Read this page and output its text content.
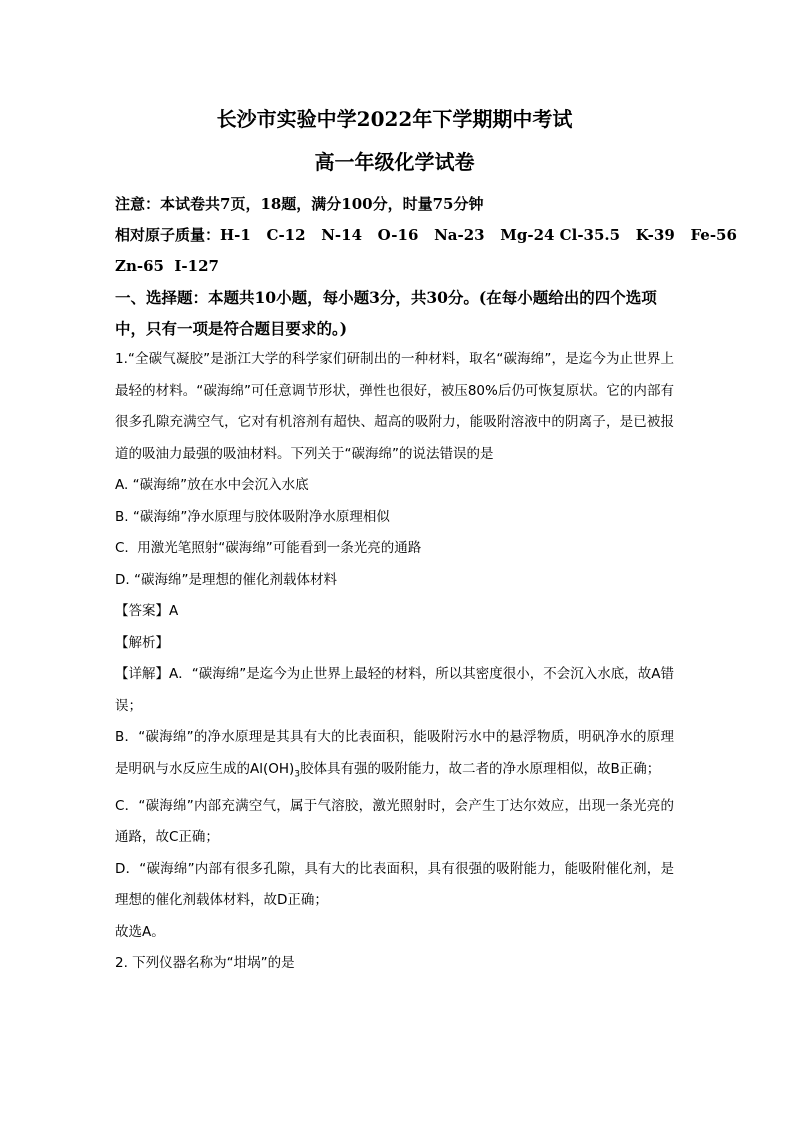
长沙市实验中学2022年下学期期中考试
高一年级化学试卷
注意：本试卷共7页，18题，满分100分，时量75分钟
相对原子质量：H-1   C-12   N-14   O-16   Na-23   Mg-24 Cl-35.5   K-39   Fe-56
Zn-65  I-127
一、选择题：本题共10小题，每小题3分，共30分。(在每小题给出的四个选项中，只有一项是符合题目要求的。)
1.“全碳气凝胶”是浙江大学的科学家们研制出的一种材料，取名“碳海绵”，是迄今为止世界上最轻的材料。“碳海绵”可任意调节形状，弹性也很好，被压80%后仍可恢复原状。它的内部有很多孔隙充满空气，它对有机溶剂有超快、超高的吸附力，能吸附溶液中的阴离子，是已被报道的吸油力最强的吸油材料。下列关于“碳海绵”的说法错误的是
A. “碳海绵”放在水中会沉入水底
B. “碳海绵”净水原理与胶体吸附净水原理相似
C.  用激光笔照射“碳海绵”可能看到一条光亮的通路
D. “碳海绵”是理想的催化剂载体材料
【答案】A
【解析】
【详解】A．“碳海绵”是迄今为止世界上最轻的材料，所以其密度很小，不会沉入水底，故A错误；
B．“碳海绵”的净水原理是其具有大的比表面积，能吸附污水中的悬浮物质，明矾净水的原理是明矾与水反应生成的$Al(OH)_3$胶体具有强的吸附能力，故二者的净水原理相似，故B正确；
C．“碳海绵”内部充满空气，属于气溶胶，激光照射时，会产生丁达尔效应，出现一条光亮的通路，故C正确；
D．“碳海绵”内部有很多孔隙，具有大的比表面积，具有很强的吸附能力，能吸附催化剂，是理想的催化剂载体材料，故D正确；
故选A。
2. 下列仪器名称为“坩埚”的是
